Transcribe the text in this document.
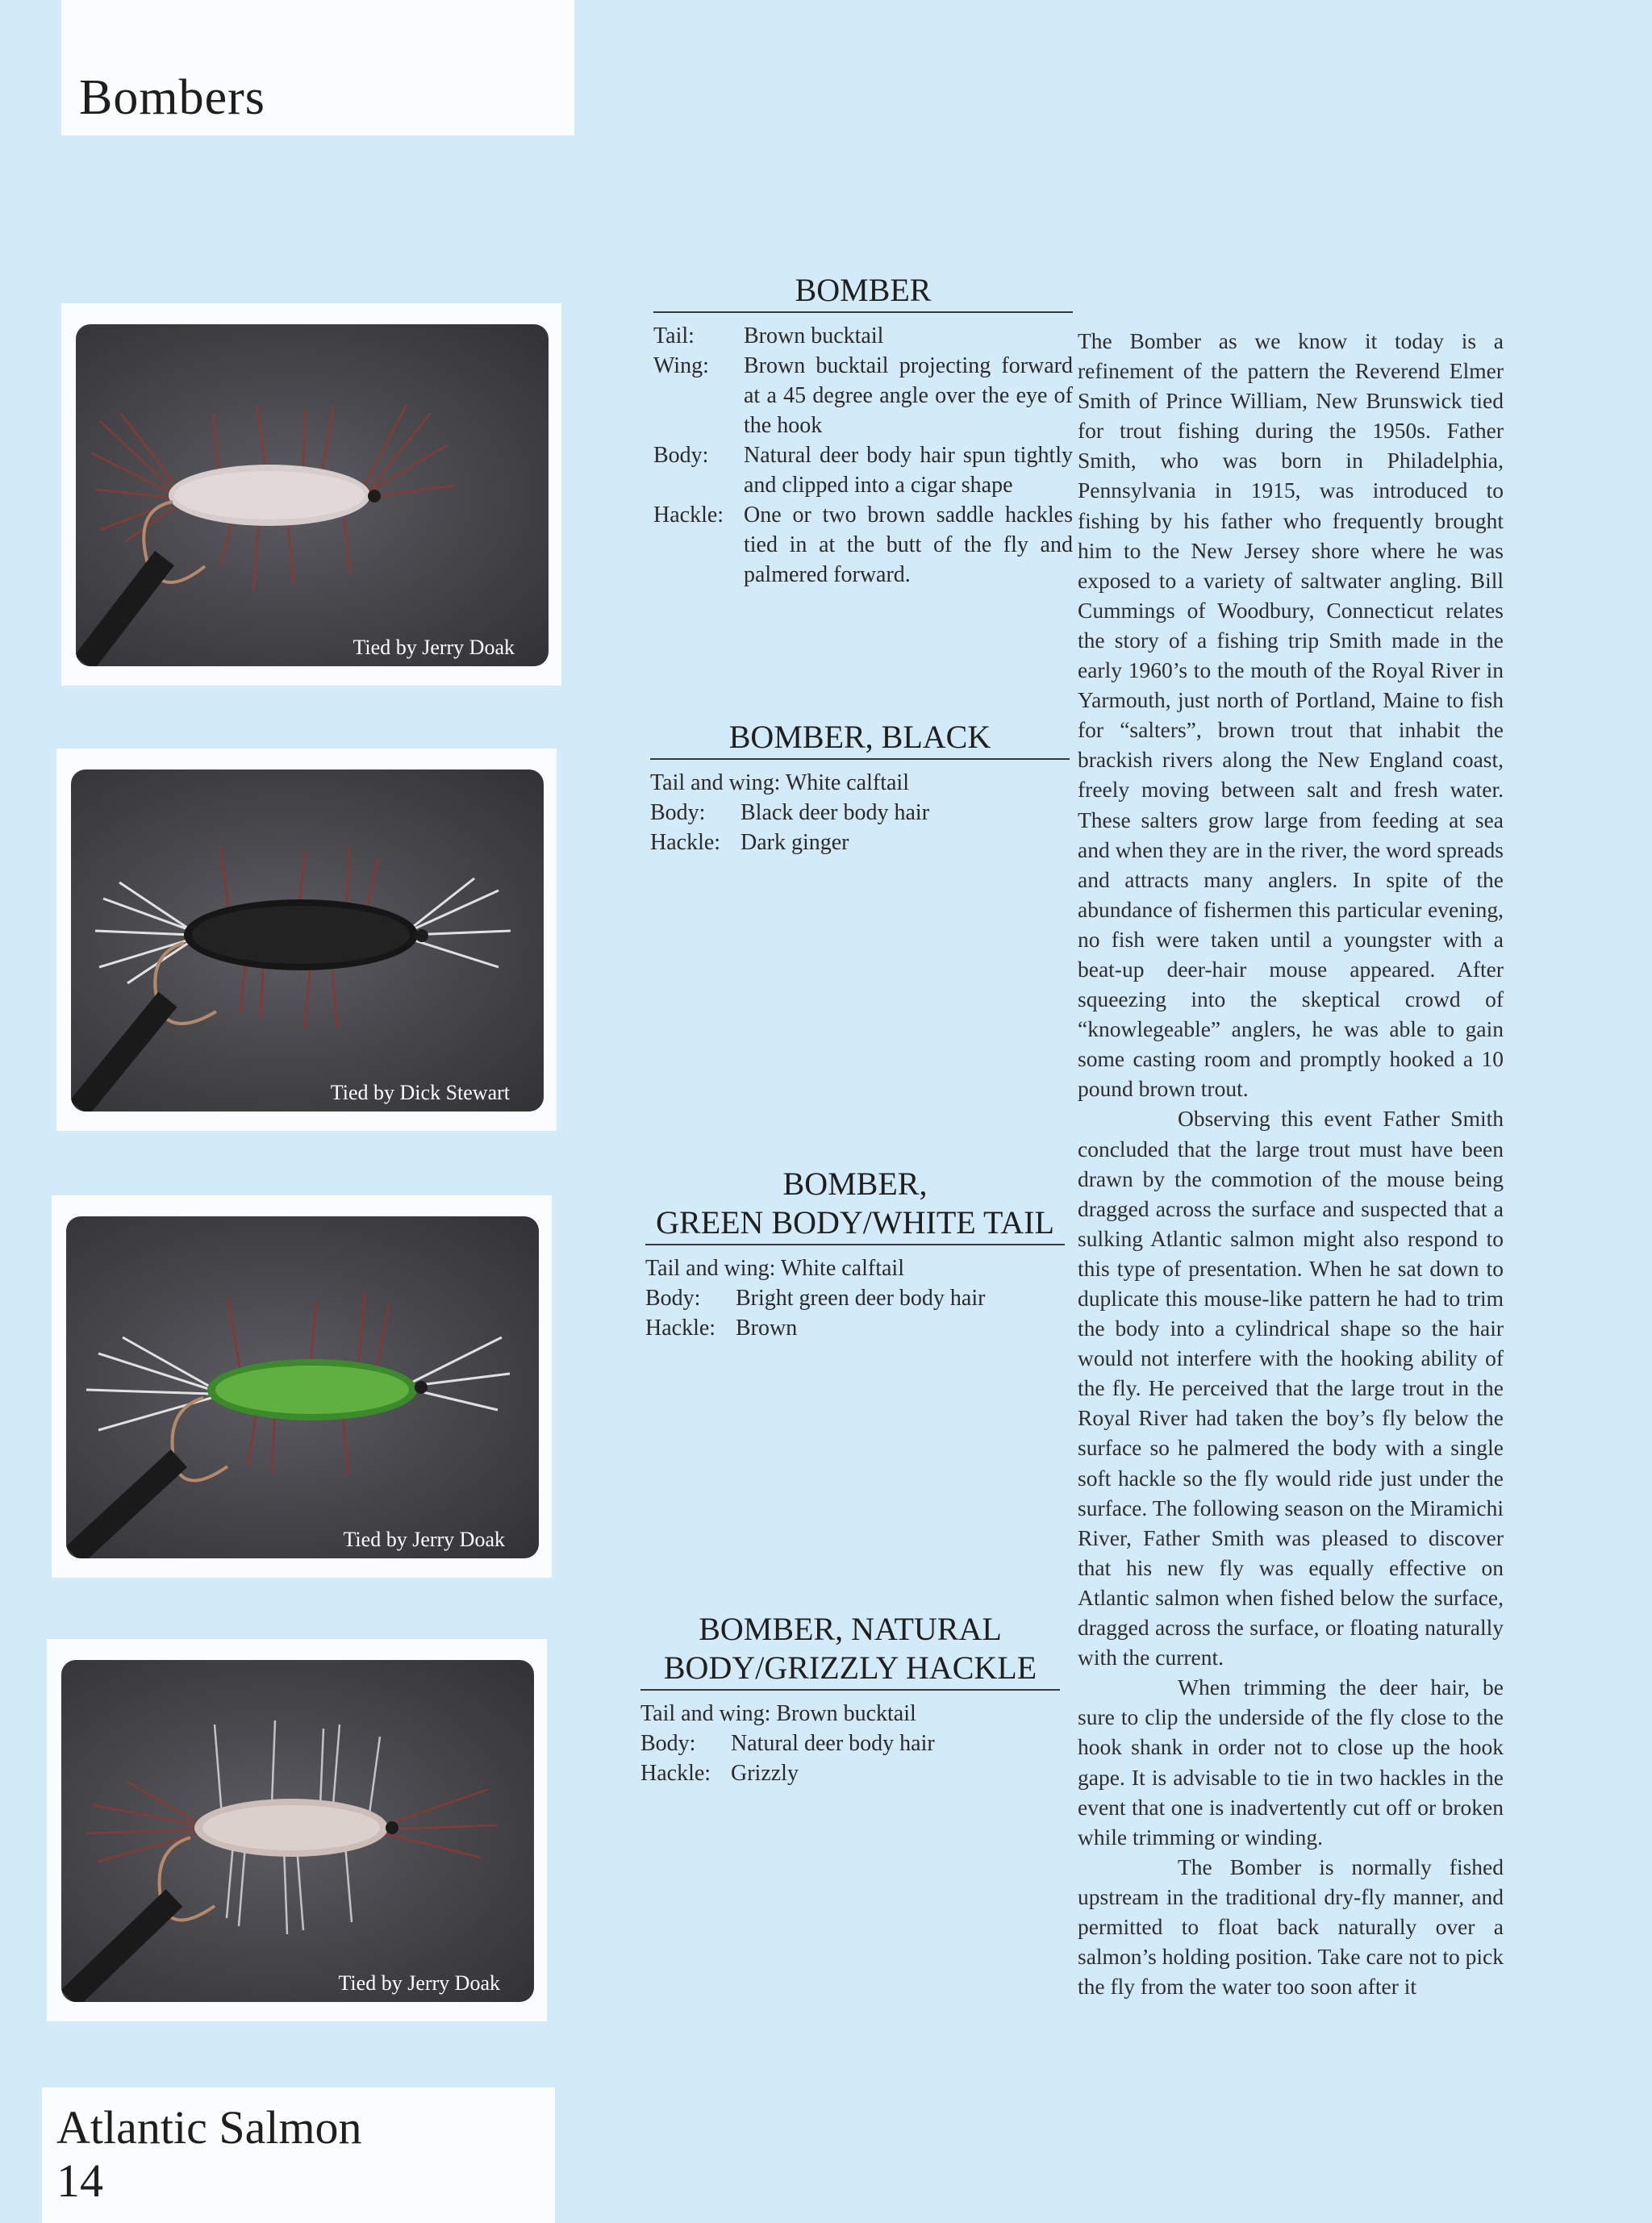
Bombers
Tied by Jerry Doak
Tied by Dick Stewart
Tied by Jerry Doak
Tied by Jerry Doak
BOMBER
Tail:	Brown bucktail
Wing:	Brown bucktail projecting forward at a 45 degree angle over the eye of the hook
Body:	Natural deer body hair spun tightly and clipped into a cigar shape
Hackle: One or two brown saddle hackles tied in at the butt of the fly and palmered forward.
BOMBER, BLACK
Tail and wing: White calftail
Body:	Black deer body hair
Hackle: Dark ginger
BOMBER,
GREEN BODY/WHITE TAIL
Tail and wing: White calftail
Body:	Bright green deer body hair
Hackle: Brown
BOMBER, NATURAL
BODY/GRIZZLY HACKLE
Tail and wing: Brown bucktail
Body:	Natural deer body hair
Hackle: Grizzly

The Bomber as we know it today is a refinement of the pattern the Reverend Elmer Smith of Prince William, New Brunswick tied for trout fishing during the 1950s. Father Smith, who was born in Philadelphia, Pennsylvania in 1915, was introduced to fishing by his father who frequently brought him to the New Jersey shore where he was exposed to a variety of saltwater angling. Bill Cummings of Woodbury, Connecticut relates the story of a fishing trip Smith made in the early 1960’s to the mouth of the Royal River in Yarmouth, just north of Portland, Maine to fish for “salters”, brown trout that inhabit the brackish rivers along the New England coast, freely moving between salt and fresh water. These salters grow large from feeding at sea and when they are in the river, the word spreads and attracts many anglers. In spite of the abundance of fishermen this particular evening, no fish were taken until a youngster with a beat-up deer-hair mouse appeared. After squeezing into the skeptical crowd of “knowlegeable” anglers, he was able to gain some casting room and promptly hooked a 10 pound brown trout.

Observing this event Father Smith concluded that the large trout must have been drawn by the commotion of the mouse being dragged across the surface and suspected that a sulking Atlantic salmon might also respond to this type of presentation. When he sat down to duplicate this mouse-like pattern he had to trim the body into a cylindrical shape so the hair would not interfere with the hooking ability of the fly. He perceived that the large trout in the Royal River had taken the boy’s fly below the surface so he palmered the body with a single soft hackle so the fly would ride just under the surface. The following season on the Miramichi River, Father Smith was pleased to discover that his new fly was equally effective on Atlantic salmon when fished below the surface, dragged across the surface, or floating naturally with the current.

When trimming the deer hair, be sure to clip the underside of the fly close to the hook shank in order not to close up the hook gape. It is advisable to tie in two hackles in the event that one is inadvertently cut off or broken while trimming or winding.

The Bomber is normally fished upstream in the traditional dry-fly manner, and permitted to float back naturally over a salmon’s holding position. Take care not to pick the fly from the water too soon after it

Atlantic Salmon
14
